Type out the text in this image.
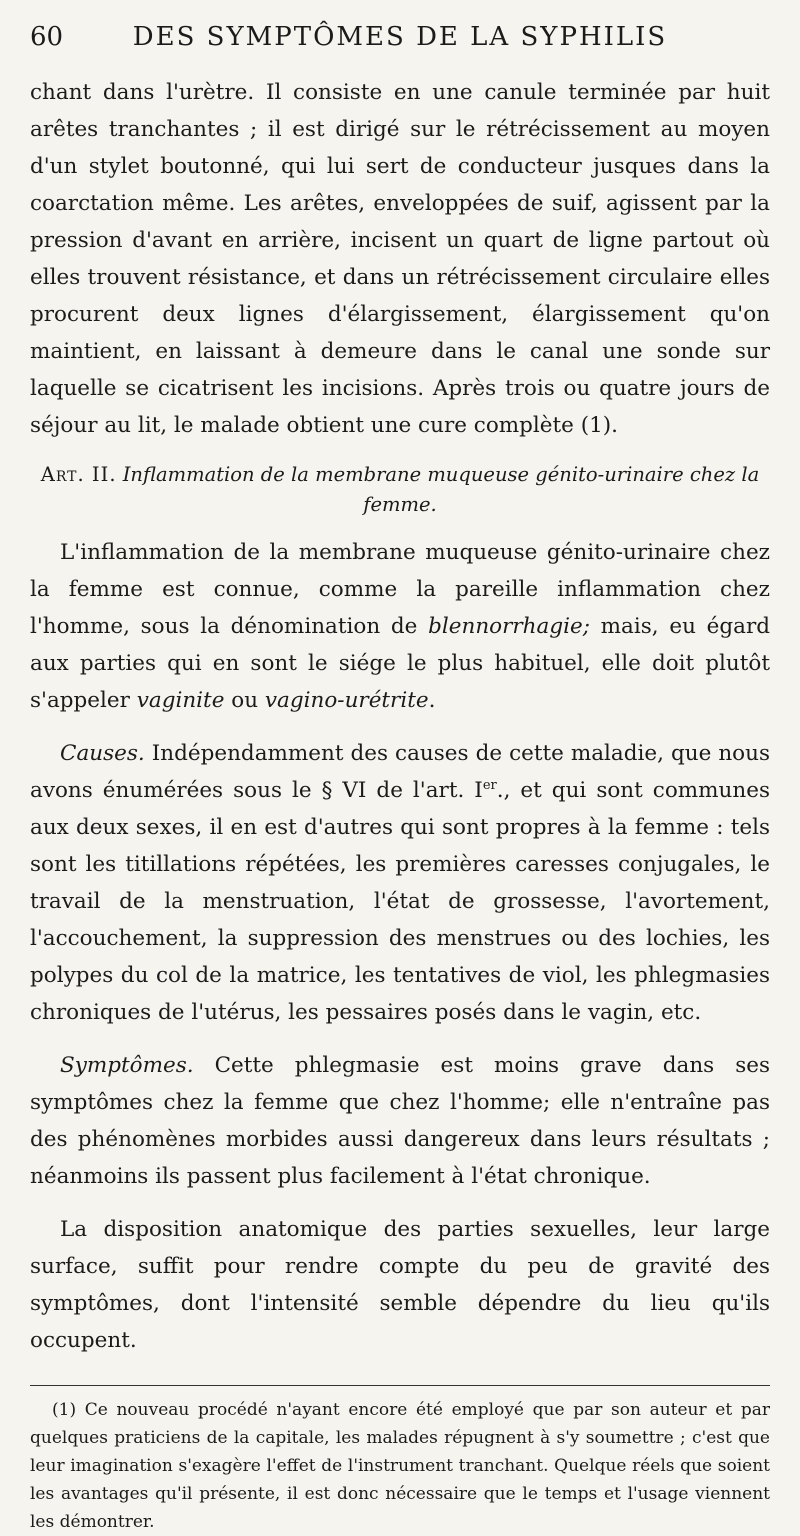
60	DES SYMPTÔMES DE LA SYPHILIS

chant dans l'urètre. Il consiste en une canule terminée par huit arêtes tranchantes ; il est dirigé sur le rétrécissement au moyen d'un stylet boutonné, qui lui sert de conducteur jusques dans la coarctation même. Les arêtes, enveloppées de suif, agissent par la pression d'avant en arrière, incisent un quart de ligne partout où elles trouvent résistance, et dans un rétrécissement circulaire elles procurent deux lignes d'élargissement, élargissement qu'on maintient, en laissant à demeure dans le canal une sonde sur laquelle se cicatrisent les incisions. Après trois ou quatre jours de séjour au lit, le malade obtient une cure complète (1).

Art. II. Inflammation de la membrane muqueuse génito-urinaire chez la femme.

L'inflammation de la membrane muqueuse génito-urinaire chez la femme est connue, comme la pareille inflammation chez l'homme, sous la dénomination de blennorrhagie; mais, eu égard aux parties qui en sont le siége le plus habituel, elle doit plutôt s'appeler vaginite ou vagino-urétrite.

Causes. Indépendamment des causes de cette maladie, que nous avons énumérées sous le § VI de l'art. Ier., et qui sont communes aux deux sexes, il en est d'autres qui sont propres à la femme : tels sont les titillations répétées, les premières caresses conjugales, le travail de la menstruation, l'état de grossesse, l'avortement, l'accouchement, la suppression des menstrues ou des lochies, les polypes du col de la matrice, les tentatives de viol, les phlegmasies chroniques de l'utérus, les pessaires posés dans le vagin, etc.

Symptômes. Cette phlegmasie est moins grave dans ses symptômes chez la femme que chez l'homme; elle n'entraîne pas des phénomènes morbides aussi dangereux dans leurs résultats ; néanmoins ils passent plus facilement à l'état chronique.

La disposition anatomique des parties sexuelles, leur large surface, suffit pour rendre compte du peu de gravité des symptômes, dont l'intensité semble dépendre du lieu qu'ils occupent.

(1) Ce nouveau procédé n'ayant encore été employé que par son auteur et par quelques praticiens de la capitale, les malades répugnent à s'y soumettre ; c'est que leur imagination s'exagère l'effet de l'instrument tranchant. Quelque réels que soient les avantages qu'il présente, il est donc nécessaire que le temps et l'usage viennent les démontrer.
